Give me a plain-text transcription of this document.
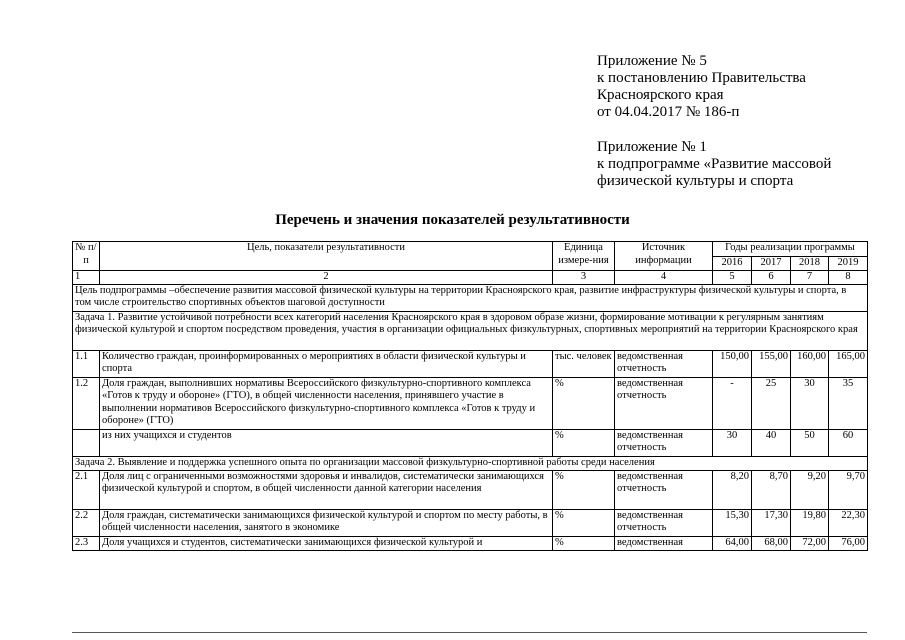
Приложение № 5
к постановлению Правительства
Красноярского края
от 04.04.2017 № 186-п
Приложение № 1
к подпрограмме «Развитие массовой
физической культуры и спорта
Перечень и значения показателей результативности
№ п/п	Цель, показатели результативности	Единица измере-ния	Источник информации	Годы реализации программы			
				2016	2017	2018	2019
1	2	3	4	5	6	7	8
Цель подпрограммы –обеспечение развития массовой физической культуры на территории Красноярского края, развитие инфраструктуры физической культуры и спорта, в том числе строительство спортивных объектов шаговой доступности							
Задача 1. Развитие устойчивой потребности всех категорий населения Красноярского края в здоровом образе жизни, формирование мотивации к регулярным занятиям физической культурой и спортом посредством проведения, участия в организации официальных физкультурных, спортивных мероприятий на территории Красноярского края							
1.1	Количество граждан, проинформированных о мероприятиях в области физической культуры и спорта	тыс. человек	ведомственная отчетность	150,00	155,00	160,00	165,00
1.2	Доля граждан, выполнивших нормативы Всероссийского физкультурно-спортивного комплекса «Готов к труду и обороне» (ГТО), в общей численности населения, принявшего участие в выполнении нормативов Всероссийского физкультурно-спортивного комплекса «Готов к труду и обороне» (ГТО)	%	ведомственная отчетность	-	25	30	35
	из них учащихся и студентов	%	ведомственная отчетность	30	40	50	60
Задача 2. Выявление и поддержка успешного опыта по организации массовой физкультурно-спортивной работы среди населения							
2.1	Доля лиц с ограниченными возможностями здоровья и инвалидов, систематически занимающихся физической культурой и спортом, в общей численности данной категории населения	%	ведомственная отчетность	8,20	8,70	9,20	9,70
2.2	Доля граждан, систематически занимающихся физической культурой и спортом по месту работы, в общей численности населения, занятого в экономике	%	ведомственная отчетность	15,30	17,30	19,80	22,30
2.3	Доля учащихся и студентов, систематически занимающихся физической культурой и	%	ведомственная	64,00	68,00	72,00	76,00
